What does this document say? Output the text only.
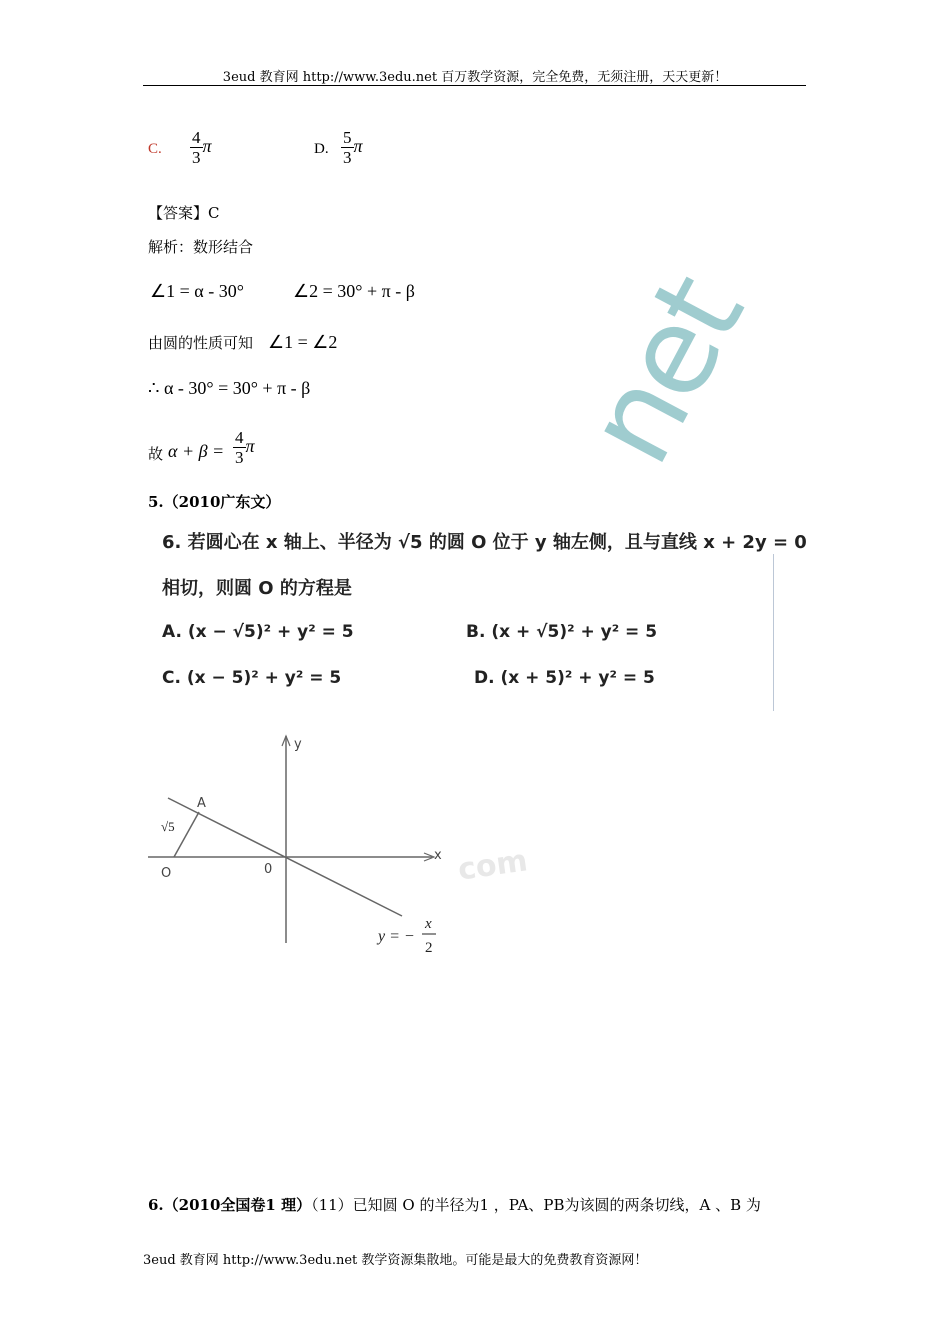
3eud 教育网 http://www.3edu.net 百万教学资源，完全免费，无须注册，天天更新！
net
com
C. $\frac{4}{3}$ π	D. $\frac{5}{3}$ π
【答案】C
解析：数形结合
∠1 = α - 30°	∠2 = 30° + π - β
由圆的性质可知 ∠1 = ∠2
∴ α - 30° = 30° + π - β
故 $\alpha + \beta = \frac{4}{3}$ π
5.（2010广东文）
6. 若圆心在 x 轴上、半径为 √5 的圆 O 位于 y 轴左侧，且与直线 x + 2y = 0
相切，则圆 O 的方程是
A. (x − √5)² + y² = 5	B. (x + √5)² + y² = 5
C. (x − 5)² + y² = 5	D. (x + 5)² + y² = 5
y
x
0
A
O
√5
y = −
x
2
6.（2010全国卷1 理）（11）已知圆 O 的半径为1 ，PA、PB为该圆的两条切线，A 、B 为
3eud 教育网 http://www.3edu.net 教学资源集散地。可能是最大的免费教育资源网！
